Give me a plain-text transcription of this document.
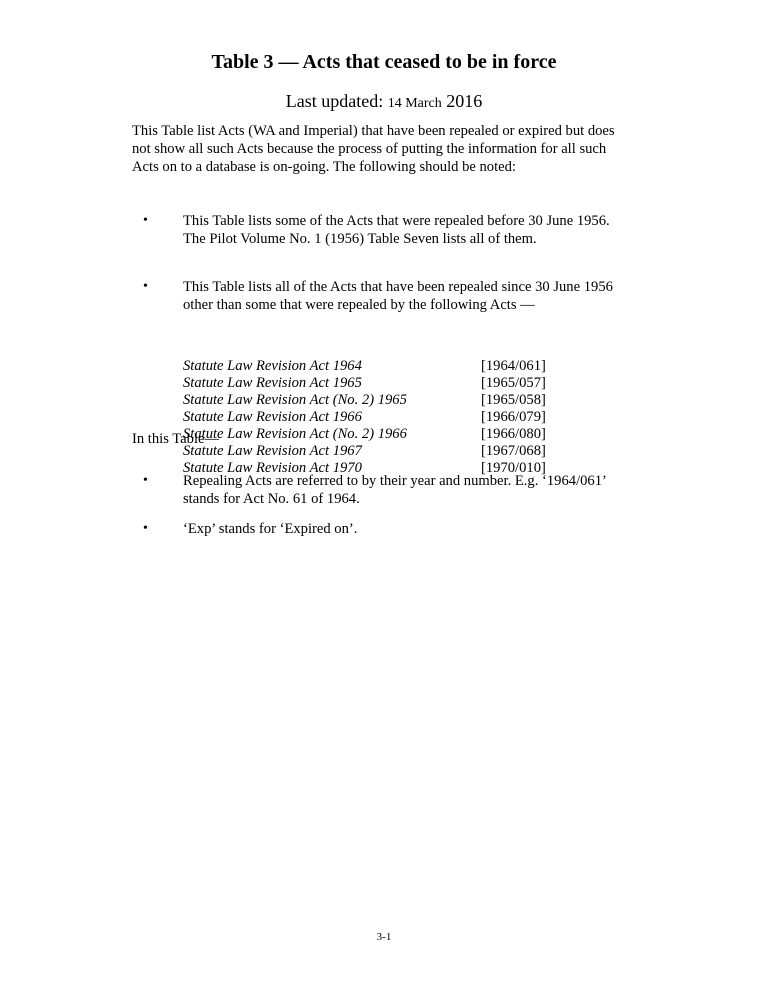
Table 3 — Acts that ceased to be in force
Last updated: 14 March 2016

This Table list Acts (WA and Imperial) that have been repealed or expired but does not show all such Acts because the process of putting the information for all such Acts on to a database is on-going. The following should be noted:

• This Table lists some of the Acts that were repealed before 30 June 1956. The Pilot Volume No. 1 (1956) Table Seven lists all of them.
• This Table lists all of the Acts that have been repealed since 30 June 1956 other than some that were repealed by the following Acts —
Statute Law Revision Act 1964	[1964/061]
Statute Law Revision Act 1965	[1965/057]
Statute Law Revision Act (No. 2) 1965	[1965/058]
Statute Law Revision Act 1966	[1966/079]
Statute Law Revision Act (No. 2) 1966	[1966/080]
Statute Law Revision Act 1967	[1967/068]
Statute Law Revision Act 1970	[1970/010]
In this Table—
• Repealing Acts are referred to by their year and number. E.g. ‘1964/061’ stands for Act No. 61 of 1964.
• ‘Exp’ stands for ‘Expired on’.
3-1
